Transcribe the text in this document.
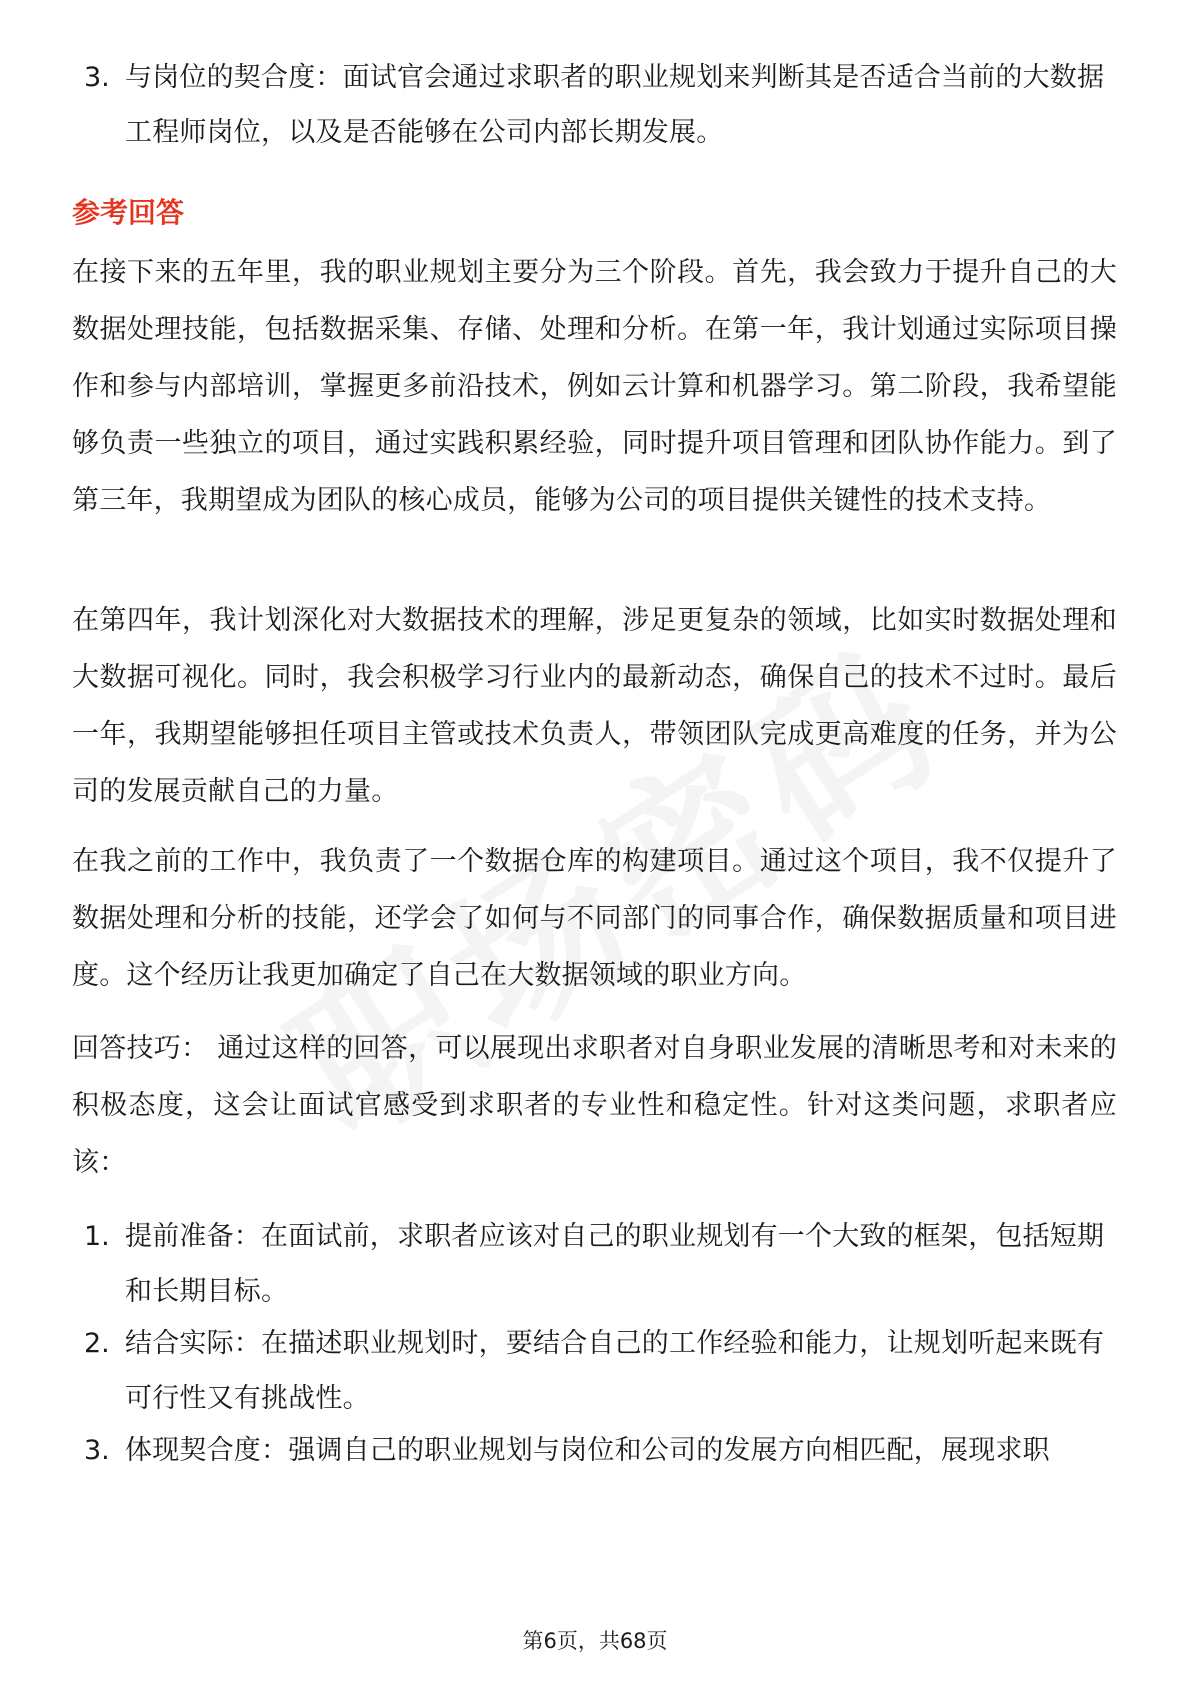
3. 与岗位的契合度：面试官会通过求职者的职业规划来判断其是否适合当前的大数据工程师岗位，以及是否能够在公司内部长期发展。
参考回答
在接下来的五年里，我的职业规划主要分为三个阶段。首先，我会致力于提升自己的大数据处理技能，包括数据采集、存储、处理和分析。在第一年，我计划通过实际项目操作和参与内部培训，掌握更多前沿技术，例如云计算和机器学习。第二阶段，我希望能够负责一些独立的项目，通过实践积累经验，同时提升项目管理和团队协作能力。到了第三年，我期望成为团队的核心成员，能够为公司的项目提供关键性的技术支持。
在第四年，我计划深化对大数据技术的理解，涉足更复杂的领域，比如实时数据处理和大数据可视化。同时，我会积极学习行业内的最新动态，确保自己的技术不过时。最后一年，我期望能够担任项目主管或技术负责人，带领团队完成更高难度的任务，并为公司的发展贡献自己的力量。
在我之前的工作中，我负责了一个数据仓库的构建项目。通过这个项目，我不仅提升了数据处理和分析的技能，还学会了如何与不同部门的同事合作，确保数据质量和项目进度。这个经历让我更加确定了自己在大数据领域的职业方向。
回答技巧： 通过这样的回答，可以展现出求职者对自身职业发展的清晰思考和对未来的积极态度，这会让面试官感受到求职者的专业性和稳定性。针对这类问题，求职者应该：
1. 提前准备：在面试前，求职者应该对自己的职业规划有一个大致的框架，包括短期和长期目标。
2. 结合实际：在描述职业规划时，要结合自己的工作经验和能力，让规划听起来既有可行性又有挑战性。
3. 体现契合度：强调自己的职业规划与岗位和公司的发展方向相匹配，展现求职
第6页，共68页
